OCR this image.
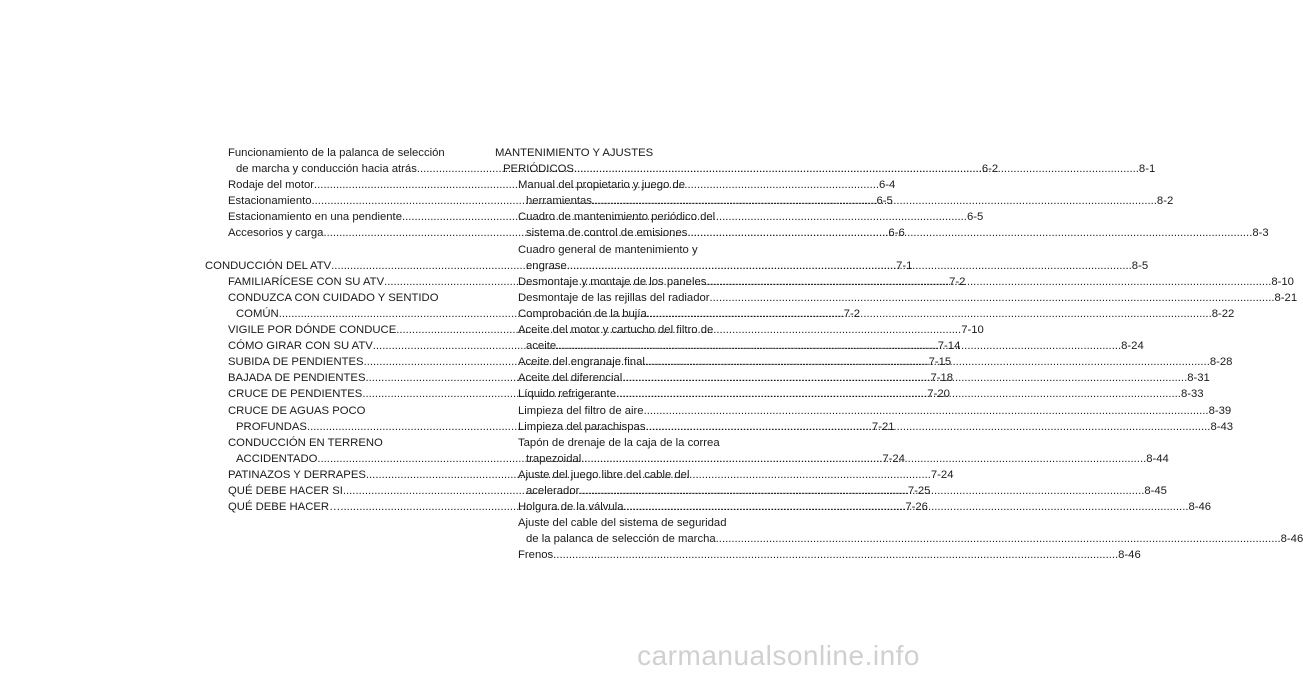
Funcionamiento de la palanca de selección
de marcha y conducción hacia atrás .....	6-2
Rodaje del motor .....	6-4
Estacionamiento .....	6-5
Estacionamiento en una pendiente .....	6-5
Accesorios y carga .....	6-6
CONDUCCIÓN DEL ATV .....	7-1
FAMILIARÍCESE CON SU ATV .....	7-2
CONDUZCA CON CUIDADO Y SENTIDO
COMÚN .....	7-2
VIGILE POR DÓNDE CONDUCE .....	7-10
CÓMO GIRAR CON SU ATV .....	7-14
SUBIDA DE PENDIENTES .....	7-15
BAJADA DE PENDIENTES .....	7-18
CRUCE DE PENDIENTES .....	7-20
CRUCE DE AGUAS POCO
PROFUNDAS .....	7-21
CONDUCCIÓN EN TERRENO
ACCIDENTADO .....	7-24
PATINAZOS Y DERRAPES .....	7-24
QUÉ DEBE HACER SI .....	7-25
QUÉ DEBE HACER… .....	7-26
MANTENIMIENTO Y AJUSTES
PERIÓDICOS .....	8-1
Manual del propietario y juego de
herramientas .....	8-2
Cuadro de mantenimiento periódico del
sistema de control de emisiones .....	8-3
Cuadro general de mantenimiento y
engrase .....	8-5
Desmontaje y montaje de los paneles .....	8-10
Desmontaje de las rejillas del radiador .....	8-21
Comprobación de la bujía .....	8-22
Aceite del motor y cartucho del filtro de
aceite .....	8-24
Aceite del engranaje final .....	8-28
Aceite del diferencial .....	8-31
Líquido refrigerante .....	8-33
Limpieza del filtro de aire .....	8-39
Limpieza del parachispas .....	8-43
Tapón de drenaje de la caja de la correa
trapezoidal .....	8-44
Ajuste del juego libre del cable del
acelerador .....	8-45
Holgura de la válvula .....	8-46
Ajuste del cable del sistema de seguridad
de la palanca de selección de marcha .....	8-46
Frenos .....	8-46
carmanualsonline.info
